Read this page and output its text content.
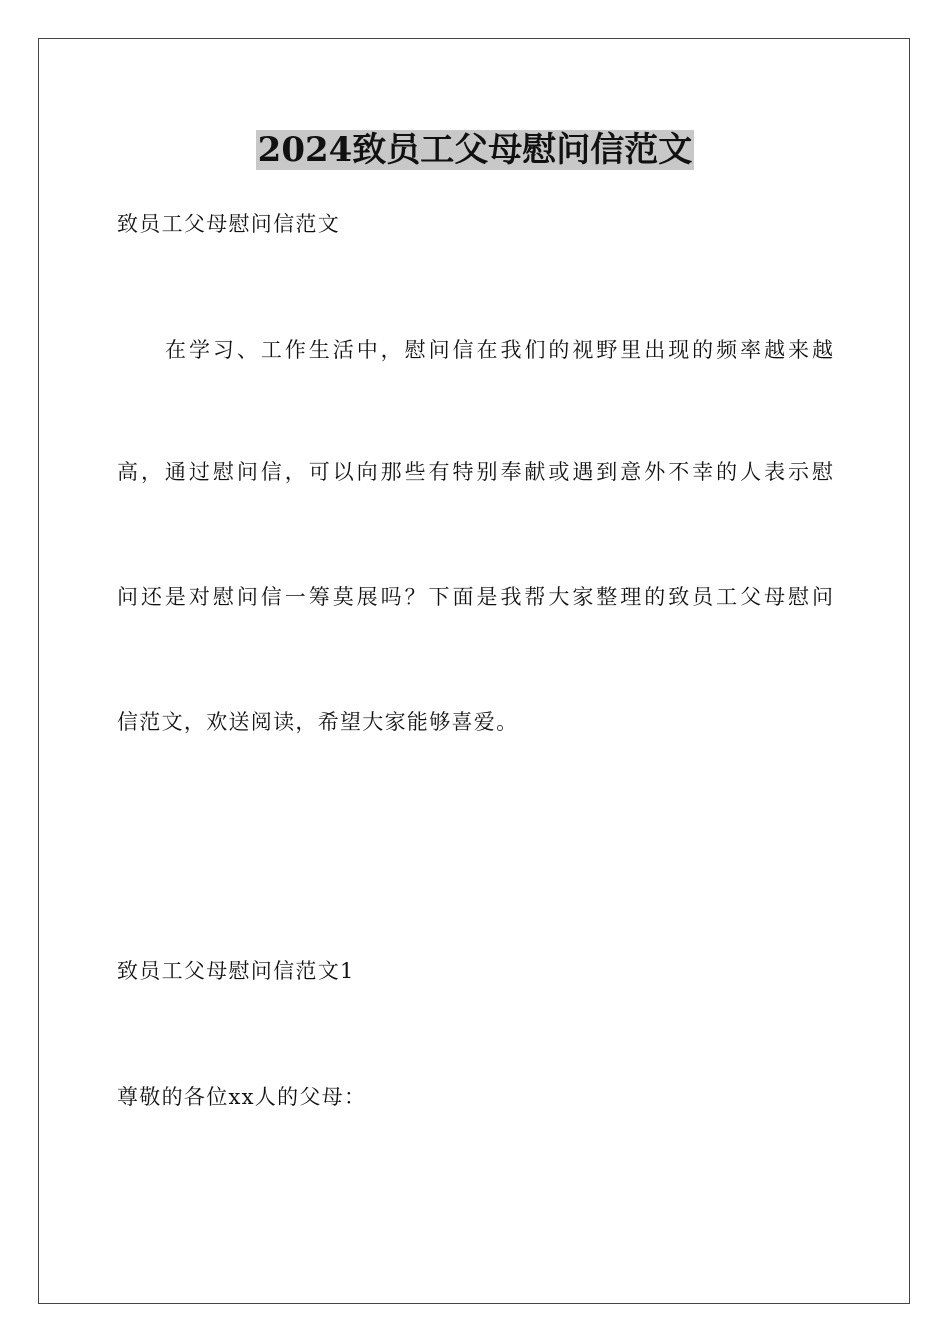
2024致员工父母慰问信范文

致员工父母慰问信范文

在学习、工作生活中，慰问信在我们的视野里出现的频率越来越

高，通过慰问信，可以向那些有特别奉献或遇到意外不幸的人表示慰

问还是对慰问信一筹莫展吗？下面是我帮大家整理的致员工父母慰问

信范文，欢送阅读，希望大家能够喜爱。

致员工父母慰问信范文1

尊敬的各位xx人的父母：
